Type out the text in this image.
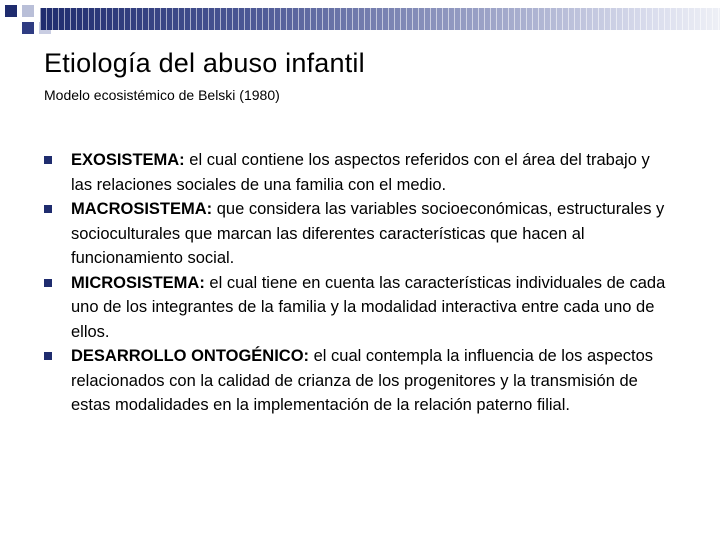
Etiología del abuso infantil

Modelo ecosistémico de Belski (1980)

EXOSISTEMA: el cual contiene los aspectos referidos con el área del trabajo y las relaciones sociales de una familia con el medio.
MACROSISTEMA: que considera las variables socioeconómicas, estructurales y socioculturales que marcan las diferentes características que hacen al funcionamiento social.
MICROSISTEMA: el cual tiene en cuenta las características individuales de cada uno de los integrantes de la familia y la modalidad interactiva entre cada uno de ellos.
DESARROLLO ONTOGÉNICO: el cual contempla la influencia de los aspectos relacionados con la calidad de crianza de los progenitores y la transmisión de estas modalidades en la implementación de la relación paterno filial.
